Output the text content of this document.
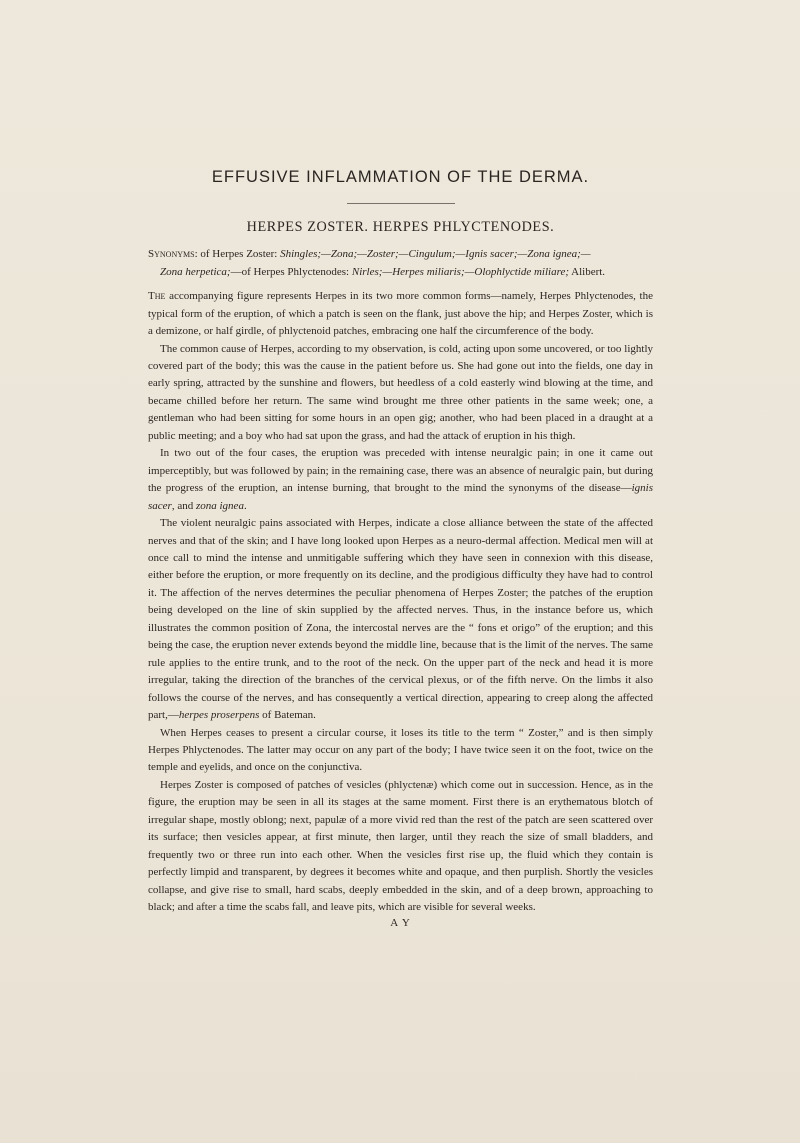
EFFUSIVE INFLAMMATION OF THE DERMA.
HERPES ZOSTER. HERPES PHLYCTENODES.

Synonyms: of Herpes Zoster: Shingles;—Zona;—Zoster;—Cingulum;—Ignis sacer;—Zona ignea;—
Zona herpetica;—of Herpes Phlyctenodes: Nirles;—Herpes miliaris;—Olophlyctide miliare; Alibert.

The accompanying figure represents Herpes in its two more common forms—namely, Herpes Phlyctenodes, the typical form of the eruption, of which a patch is seen on the flank, just above the hip; and Herpes Zoster, which is a demizone, or half girdle, of phlyctenoid patches, embracing one half the circumference of the body.

The common cause of Herpes, according to my observation, is cold, acting upon some uncovered, or too lightly covered part of the body; this was the cause in the patient before us. She had gone out into the fields, one day in early spring, attracted by the sunshine and flowers, but heedless of a cold easterly wind blowing at the time, and became chilled before her return. The same wind brought me three other patients in the same week; one, a gentleman who had been sitting for some hours in an open gig; another, who had been placed in a draught at a public meeting; and a boy who had sat upon the grass, and had the attack of eruption in his thigh.

In two out of the four cases, the eruption was preceded with intense neuralgic pain; in one it came out imperceptibly, but was followed by pain; in the remaining case, there was an absence of neuralgic pain, but during the progress of the eruption, an intense burning, that brought to the mind the synonyms of the disease—ignis sacer, and zona ignea.

The violent neuralgic pains associated with Herpes, indicate a close alliance between the state of the affected nerves and that of the skin; and I have long looked upon Herpes as a neuro-dermal affection. Medical men will at once call to mind the intense and unmitigable suffering which they have seen in connexion with this disease, either before the eruption, or more frequently on its decline, and the prodigious difficulty they have had to control it. The affection of the nerves determines the peculiar phenomena of Herpes Zoster; the patches of the eruption being developed on the line of skin supplied by the affected nerves. Thus, in the instance before us, which illustrates the common position of Zona, the intercostal nerves are the “ fons et origo” of the eruption; and this being the case, the eruption never extends beyond the middle line, because that is the limit of the nerves. The same rule applies to the entire trunk, and to the root of the neck. On the upper part of the neck and head it is more irregular, taking the direction of the branches of the cervical plexus, or of the fifth nerve. On the limbs it also follows the course of the nerves, and has consequently a vertical direction, appearing to creep along the affected part,—herpes proserpens of Bateman.

When Herpes ceases to present a circular course, it loses its title to the term “ Zoster,” and is then simply Herpes Phlyctenodes. The latter may occur on any part of the body; I have twice seen it on the foot, twice on the temple and eyelids, and once on the conjunctiva.

Herpes Zoster is composed of patches of vesicles (phlyctenæ) which come out in succession. Hence, as in the figure, the eruption may be seen in all its stages at the same moment. First there is an erythematous blotch of irregular shape, mostly oblong; next, papulæ of a more vivid red than the rest of the patch are seen scattered over its surface; then vesicles appear, at first minute, then larger, until they reach the size of small bladders, and frequently two or three run into each other. When the vesicles first rise up, the fluid which they contain is perfectly limpid and transparent, by degrees it becomes white and opaque, and then purplish. Shortly the vesicles collapse, and give rise to small, hard scabs, deeply embedded in the skin, and of a deep brown, approaching to black; and after a time the scabs fall, and leave pits, which are visible for several weeks.

A Y
